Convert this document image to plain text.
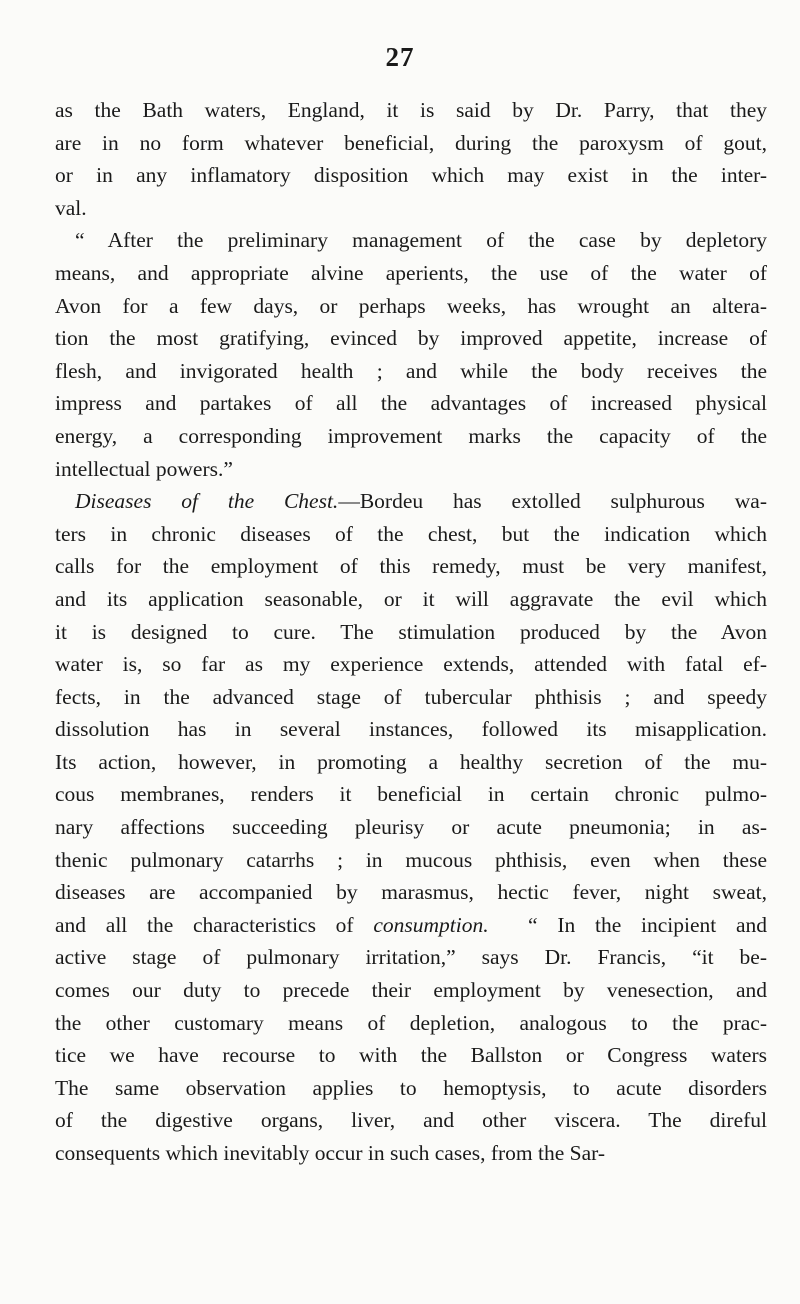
27
as the Bath waters, England, it is said by Dr. Parry, that they
are in no form whatever beneficial, during the paroxysm of gout,
or in any inflamatory disposition which may exist in the inter-
val.
“ After the preliminary management of the case by depletory
means, and appropriate alvine aperients, the use of the water of
Avon for a few days, or perhaps weeks, has wrought an altera-
tion the most gratifying, evinced by improved appetite, increase of
flesh, and invigorated health ; and while the body receives the
impress and partakes of all the advantages of increased physical
energy, a corresponding improvement marks the capacity of the
intellectual powers.”
Diseases of the Chest.—Bordeu has extolled sulphurous wa-
ters in chronic diseases of the chest, but the indication which
calls for the employment of this remedy, must be very manifest,
and its application seasonable, or it will aggravate the evil which
it is designed to cure. The stimulation produced by the Avon
water is, so far as my experience extends, attended with fatal ef-
fects, in the advanced stage of tubercular phthisis ; and speedy
dissolution has in several instances, followed its misapplication.
Its action, however, in promoting a healthy secretion of the mu-
cous membranes, renders it beneficial in certain chronic pulmo-
nary affections succeeding pleurisy or acute pneumonia; in as-
thenic pulmonary catarrhs ; in mucous phthisis, even when these
diseases are accompanied by marasmus, hectic fever, night sweat,
and all the characteristics of consumption.  “ In the incipient and
active stage of pulmonary irritation,” says Dr. Francis, “it be-
comes our duty to precede their employment by venesection, and
the other customary means of depletion, analogous to the prac-
tice we have recourse to with the Ballston or Congress waters
The same observation applies to hemoptysis, to acute disorders
of the digestive organs, liver, and other viscera. The direful
consequents which inevitably occur in such cases, from the Sar-
